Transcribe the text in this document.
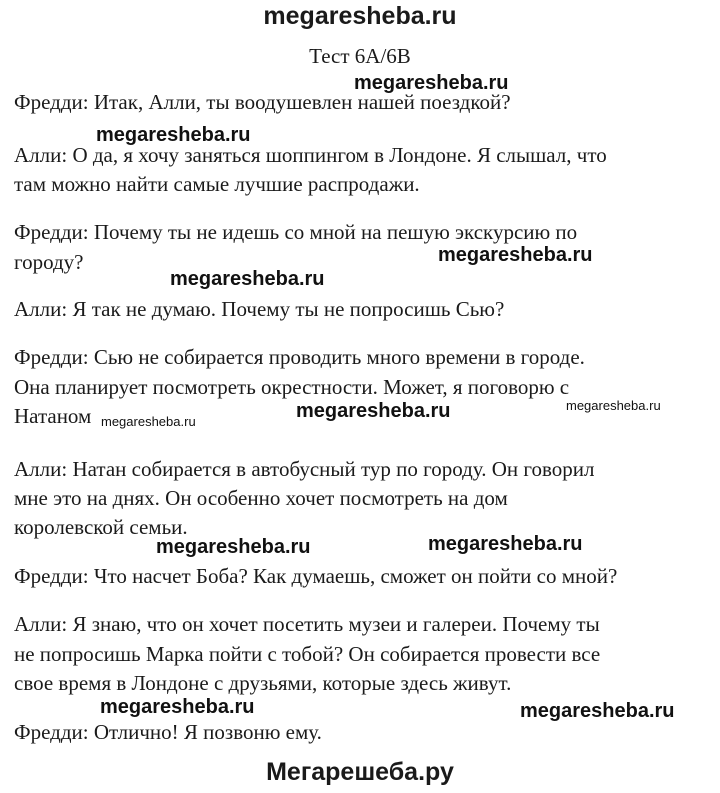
megaresheba.ru
Тест 6А/6В
Фредди: Итак, Алли, ты воодушевлен нашей поездкой?
Алли: О да, я хочу заняться шоппингом в Лондоне. Я слышал, что
там можно найти самые лучшие распродажи.
Фредди: Почему ты не идешь со мной на пешую экскурсию по
городу?
Алли: Я так не думаю. Почему ты не попросишь Сью?
Фредди: Сью не собирается проводить много времени в городе.
Она планирует посмотреть окрестности. Может, я поговорю с
Натаном
Алли: Натан собирается в автобусный тур по городу. Он говорил
мне это на днях. Он особенно хочет посмотреть на дом
королевской семьи.
Фредди: Что насчет Боба? Как думаешь, сможет он пойти со мной?
Алли: Я знаю, что он хочет посетить музеи и галереи. Почему ты
не попросишь Марка пойти с тобой? Он собирается провести все
свое время в Лондоне с друзьями, которые здесь живут.
Фредди: Отлично! Я позвоню ему.
megaresheba.ru
megaresheba.ru
megaresheba.ru
megaresheba.ru
megaresheba.ru	megaresheba.ru
megaresheba.ru
megaresheba.ru	megaresheba.ru
megaresheba.ru	megaresheba.ru
Мегарешеба.ру
